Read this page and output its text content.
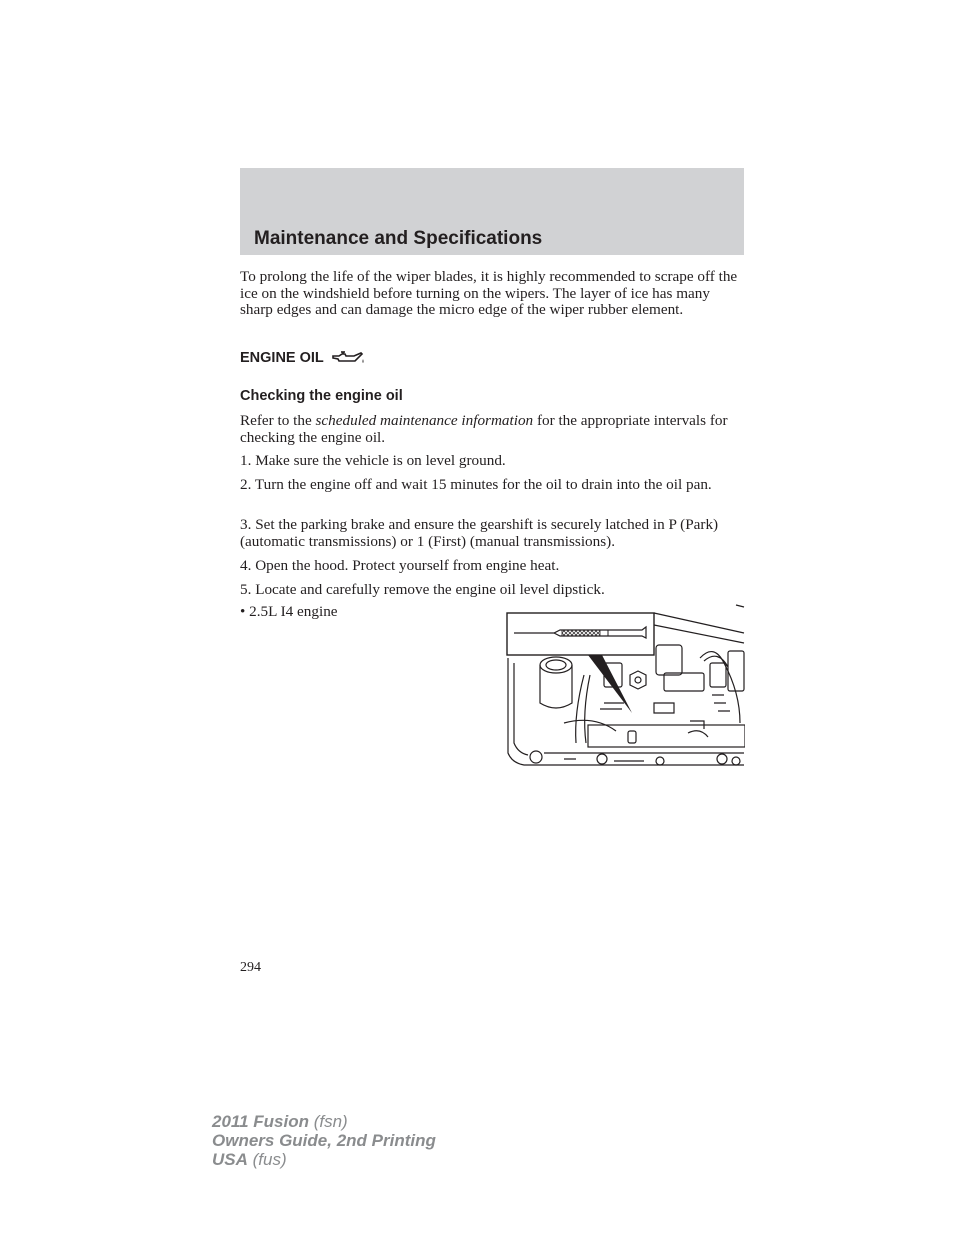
Maintenance and Specifications

To prolong the life of the wiper blades, it is highly recommended to scrape off the ice on the windshield before turning on the wipers. The layer of ice has many sharp edges and can damage the micro edge of the wiper rubber element.

ENGINE OIL
Checking the engine oil

Refer to the scheduled maintenance information for the appropriate intervals for checking the engine oil.

1. Make sure the vehicle is on level ground.

2. Turn the engine off and wait 15 minutes for the oil to drain into the oil pan.

3. Set the parking brake and ensure the gearshift is securely latched in P (Park) (automatic transmissions) or 1 (First) (manual transmissions).

4. Open the hood. Protect yourself from engine heat.

5. Locate and carefully remove the engine oil level dipstick.

• 2.5L I4 engine

294
2011 Fusion (fsn)
Owners Guide, 2nd Printing
USA (fus)
